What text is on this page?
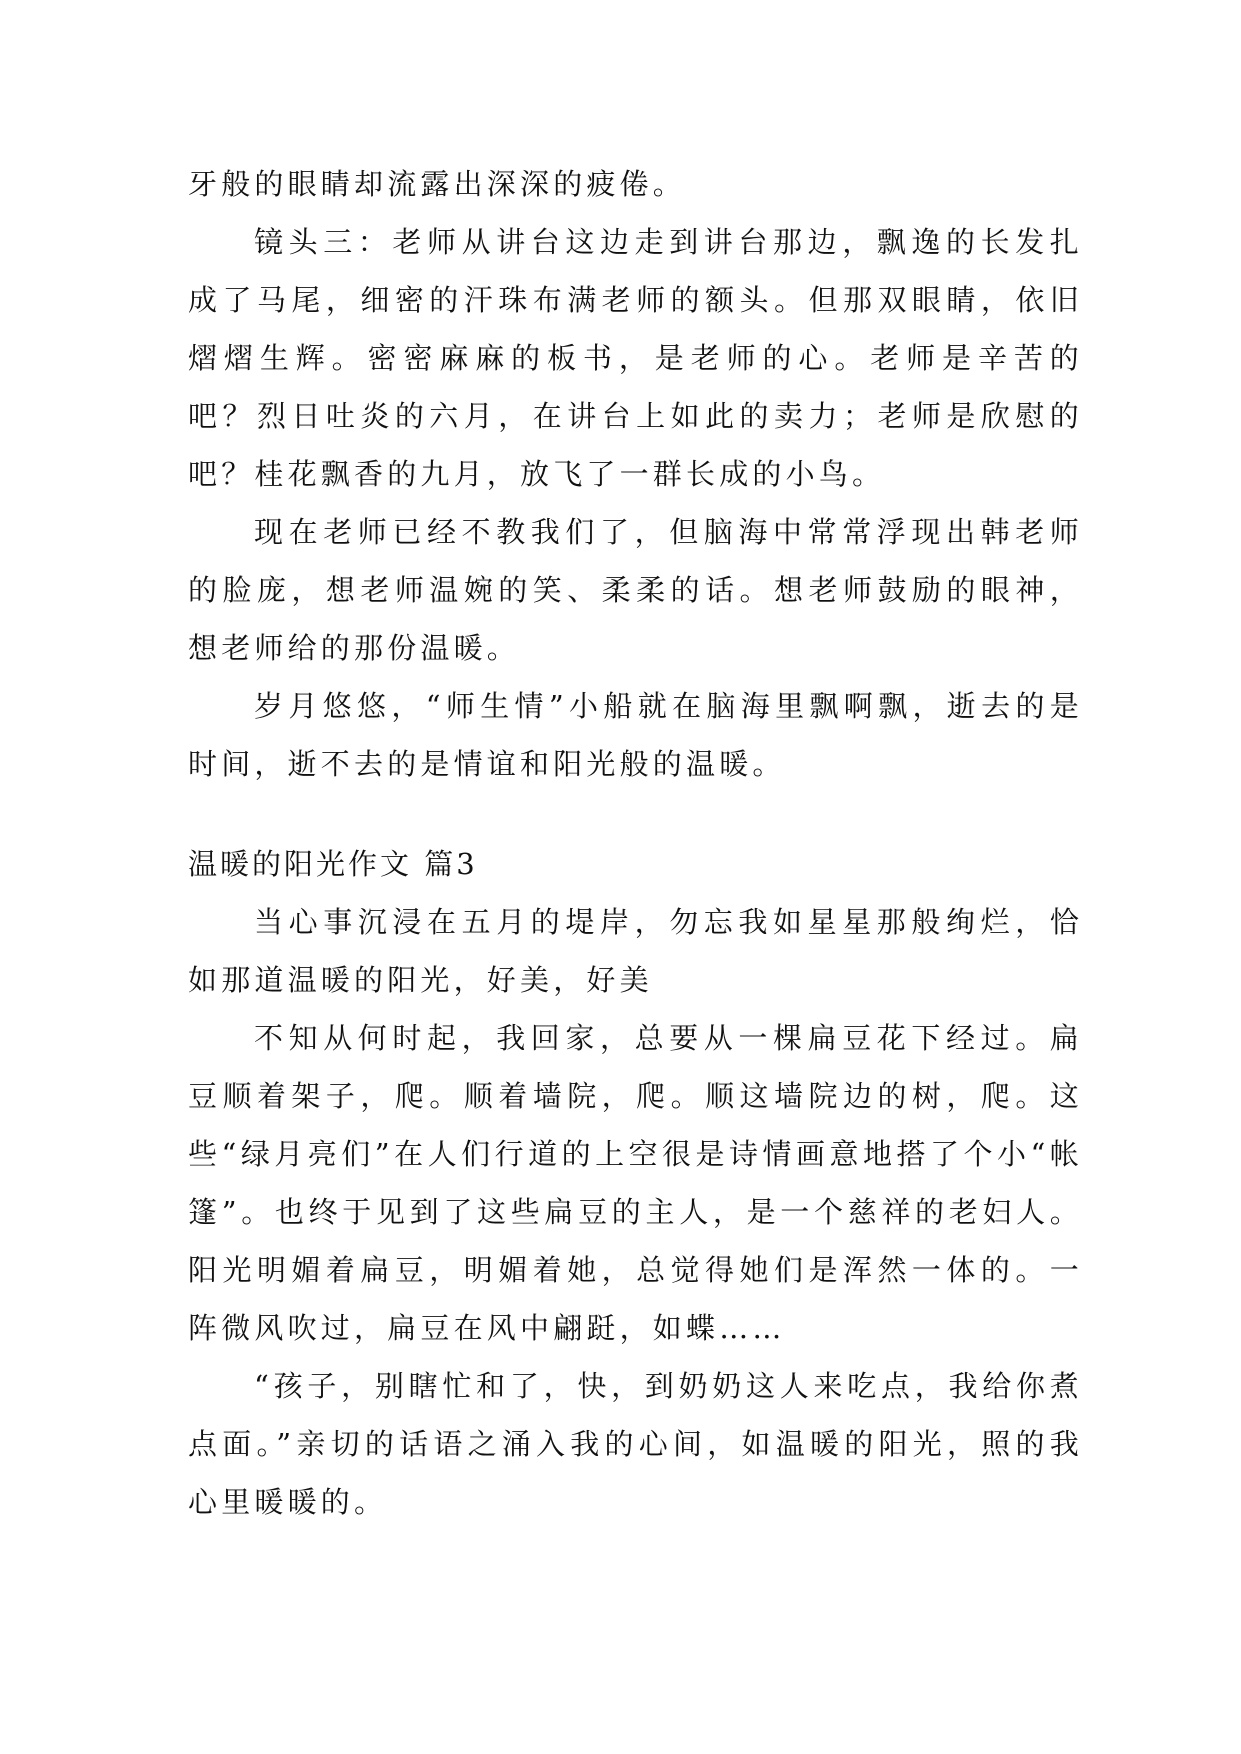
牙般的眼睛却流露出深深的疲倦。

镜头三：老师从讲台这边走到讲台那边，飘逸的长发扎成了马尾，细密的汗珠布满老师的额头。但那双眼睛，依旧熠熠生辉。密密麻麻的板书，是老师的心。老师是辛苦的吧？烈日吐炎的六月，在讲台上如此的卖力；老师是欣慰的吧？桂花飘香的九月，放飞了一群长成的小鸟。

现在老师已经不教我们了，但脑海中常常浮现出韩老师的脸庞，想老师温婉的笑、柔柔的话。想老师鼓励的眼神，想老师给的那份温暖。

岁月悠悠，“师生情”小船就在脑海里飘啊飘，逝去的是时间，逝不去的是情谊和阳光般的温暖。

温暖的阳光作文 篇3

当心事沉浸在五月的堤岸，勿忘我如星星那般绚烂，恰如那道温暖的阳光，好美，好美

不知从何时起，我回家，总要从一棵扁豆花下经过。扁豆顺着架子，爬。顺着墙院，爬。顺这墙院边的树，爬。这些“绿月亮们”在人们行道的上空很是诗情画意地搭了个小“帐篷”。也终于见到了这些扁豆的主人，是一个慈祥的老妇人。阳光明媚着扁豆，明媚着她，总觉得她们是浑然一体的。一阵微风吹过，扁豆在风中翩跹，如蝶……

“孩子，别瞎忙和了，快，到奶奶这人来吃点，我给你煮点面。”亲切的话语之涌入我的心间，如温暖的阳光，照的我心里暖暖的。
